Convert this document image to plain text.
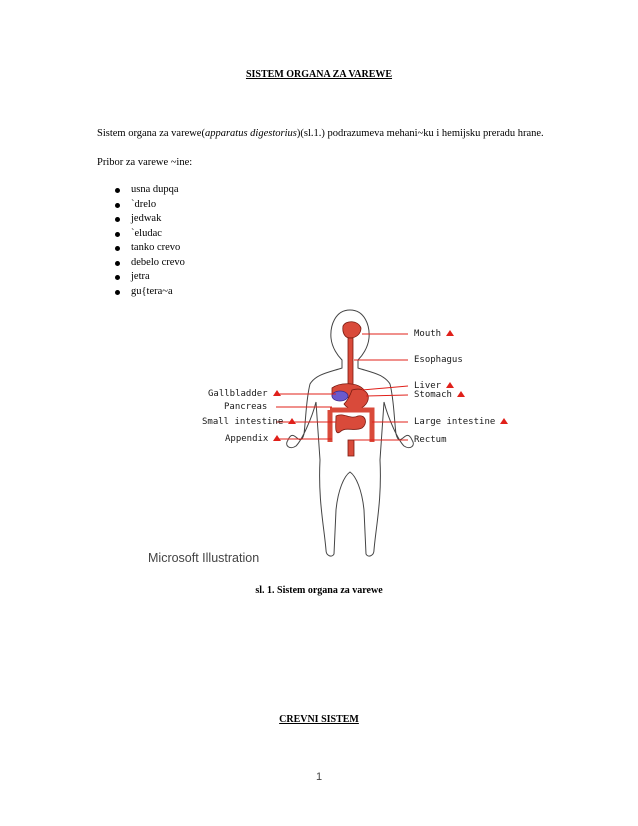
SISTEM ORGANA ZA VAREWE
Sistem organa za varewe(apparatus digestorius)(sl.1.) podrazumeva mehani~ku i hemijsku preradu hrane.
Pribor za varewe ~ine:
usna dupqa
`drelo
jedwak
`eludac
tanko crevo
debelo crevo
jetra
gu{tera~a
Mouth
Esophagus
Liver
Stomach
Gallbladder
Pancreas
Small intestine	Large intestine
Appendix	Rectum
Microsoft Illustration
sl. 1. Sistem organa za varewe
CREVNI SISTEM
1
